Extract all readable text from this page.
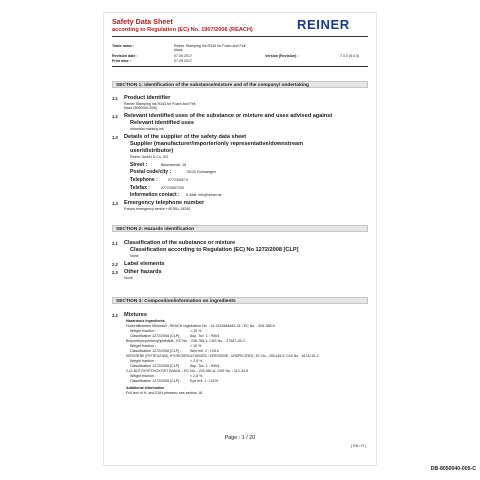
Safety Data Sheet
according to Regulation (EC) No. 1907/2006 (REACH)	REINER
Trade name :	Reiner Stamping Ink R343 for Foam and Felt
black
Revision date :	07.09.2017	Version (Revision) :	7.0.0 (6.0.0)
Print date :	07.09.2017
SECTION 1: Identification of the substance/mixture and of the company/ undertaking
1.1 Product identifier
Reiner Stamping Ink R343 for Foam and Felt
black (8050040-005)
1.2 Relevant identified uses of the substance or mixture and uses advised against
Relevant identified uses
Industrial marking ink
1.3 Details of the supplier of the safety data sheet
Supplier (manufacturer/importer/only representative/downstream
user/distributor)
Reiner GmbH & Co. KG
Street :	Baumannstr. 16
Postal code/city :	78120 Furtwangen
Telephone :	07723/657-0
Telefax :	07723/657200
Information contact : E-Mail: info@reiner.de
1.4 Emergency telephone number
Poison emergency centre +49-551-19240
SECTION 2: Hazards identification
2.1 Classification of the substance or mixture
Classification according to Regulation (EC) No 1272/2008 [CLP]
None
2.2 Label elements
2.3 Other hazards
None
SECTION 3: Composition/information on ingredients
3.2 Mixtures
Hazardous ingredients
Hochraffiniertes Mineralöl ; REACH registration No. : 01-2119484843-41 ; EC No. : 926-368-6
Weight fraction :	< 15 %
Classification 1272/2008 [CLP] : Asp. Tox. 1 ; H304
Bis(methylcyclohexyl)phthalat ; EC No. : 248-765-1; CAS No. : 27987-25-3
Weight fraction :	< 10 %
Classification 1272/2008 [CLP] : Skin Irrit. 2 ; H315
KEROSENE (PETROLEUM), HYDRODESULFURIZED / KEROSENE - UNSPECIFIED ; EC No. : 265-184-9; CAS No. : 64742-81-0
Weight fraction :	< 2,5 %
Classification 1272/2008 [CLP] : Asp. Tox. 1 ; H304
2-(2-BUTOXYETHOXY)ETHANOL ; EC No. : 203-961-6; CAS No. : 112-34-5
Weight fraction :	< 2,5 %
Classification 1272/2008 [CLP] : Eye Irrit. 2 ; H319
Additional information
Full text of H- and EUH-phrases: see section 16.
Page : 1 / 20
( EN / D )
DB-8050040-005-C
